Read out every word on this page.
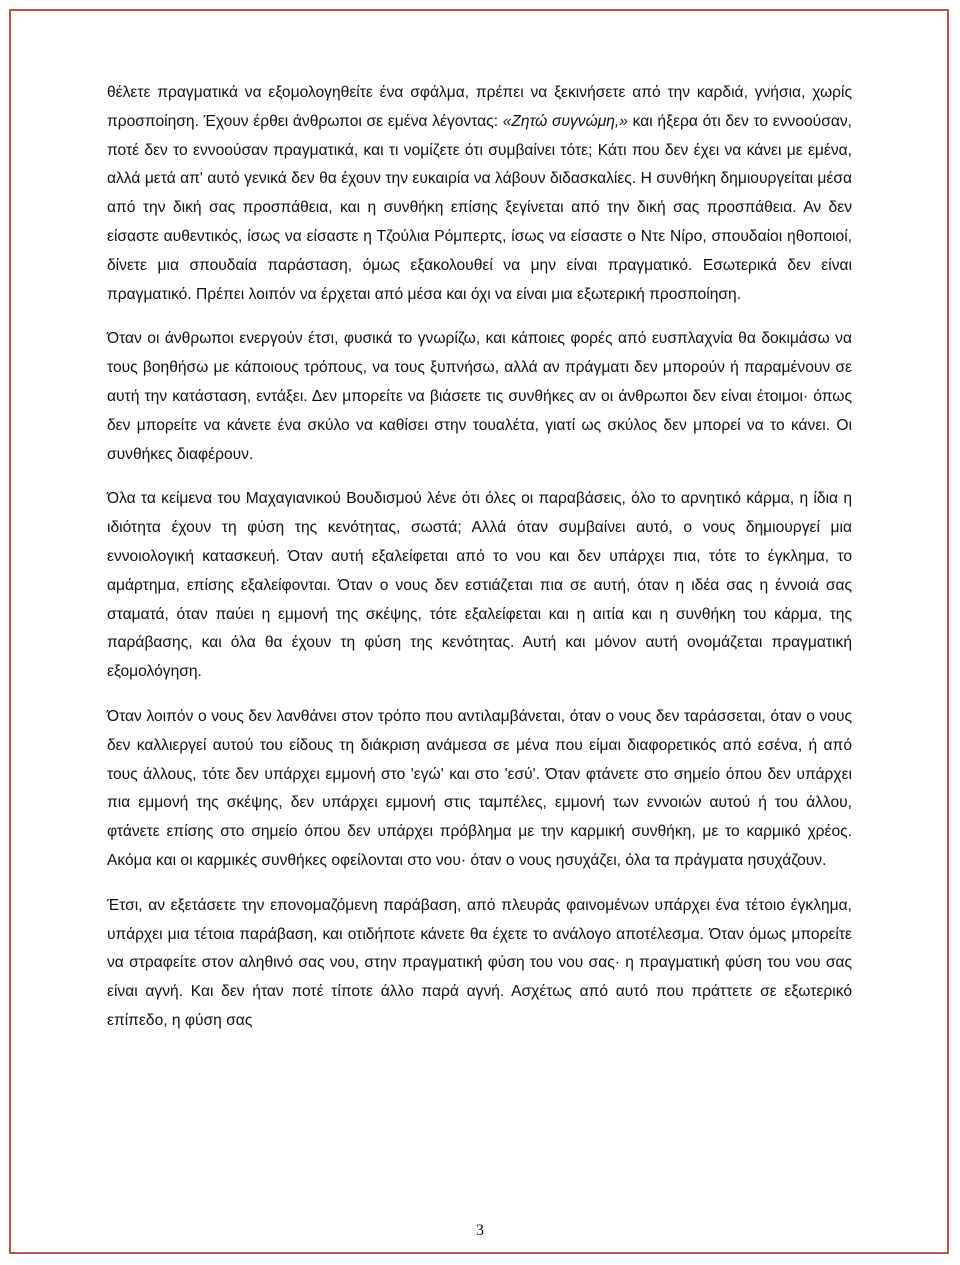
θέλετε πραγματικά να εξομολογηθείτε ένα σφάλμα, πρέπει να ξεκινήσετε από την καρδιά, γνήσια, χωρίς προσποίηση. Έχουν έρθει άνθρωποι σε εμένα λέγοντας: «Ζητώ συγνώμη,» και ήξερα ότι δεν το εννοούσαν, ποτέ δεν το εννοούσαν πραγματικά, και τι νομίζετε ότι συμβαίνει τότε; Κάτι που δεν έχει να κάνει με εμένα, αλλά μετά απ' αυτό γενικά δεν θα έχουν την ευκαιρία να λάβουν διδασκαλίες. Η συνθήκη δημιουργείται μέσα από την δική σας προσπάθεια, και η συνθήκη επίσης ξεγίνεται από την δική σας προσπάθεια. Αν δεν είσαστε αυθεντικός, ίσως να είσαστε η Τζούλια Ρόμπερτς, ίσως να είσαστε ο Ντε Νίρο, σπουδαίοι ηθοποιοί, δίνετε μια σπουδαία παράσταση, όμως εξακολουθεί να μην είναι πραγματικό. Εσωτερικά δεν είναι πραγματικό. Πρέπει λοιπόν να έρχεται από μέσα και όχι να είναι μια εξωτερική προσποίηση.

Όταν οι άνθρωποι ενεργούν έτσι, φυσικά το γνωρίζω, και κάποιες φορές από ευσπλαχνία θα δοκιμάσω να τους βοηθήσω με κάποιους τρόπους, να τους ξυπνήσω, αλλά αν πράγματι δεν μπορούν ή παραμένουν σε αυτή την κατάσταση, εντάξει. Δεν μπορείτε να βιάσετε τις συνθήκες αν οι άνθρωποι δεν είναι έτοιμοι· όπως δεν μπορείτε να κάνετε ένα σκύλο να καθίσει στην τουαλέτα, γιατί ως σκύλος δεν μπορεί να το κάνει. Οι συνθήκες διαφέρουν.

Όλα τα κείμενα του Μαχαγιανικού Βουδισμού λένε ότι όλες οι παραβάσεις, όλο το αρνητικό κάρμα, η ίδια η ιδιότητα έχουν τη φύση της κενότητας, σωστά; Αλλά όταν συμβαίνει αυτό, ο νους δημιουργεί μια εννοιολογική κατασκευή. Όταν αυτή εξαλείφεται από το νου και δεν υπάρχει πια, τότε το έγκλημα, το αμάρτημα, επίσης εξαλείφονται. Όταν ο νους δεν εστιάζεται πια σε αυτή, όταν η ιδέα σας η έννοιά σας σταματά, όταν παύει η εμμονή της σκέψης, τότε εξαλείφεται και η αιτία και η συνθήκη του κάρμα, της παράβασης, και όλα θα έχουν τη φύση της κενότητας. Αυτή και μόνον αυτή ονομάζεται πραγματική εξομολόγηση.

Όταν λοιπόν ο νους δεν λανθάνει στον τρόπο που αντιλαμβάνεται, όταν ο νους δεν ταράσσεται, όταν ο νους δεν καλλιεργεί αυτού του είδους τη διάκριση ανάμεσα σε μένα που είμαι διαφορετικός από εσένα, ή από τους άλλους, τότε δεν υπάρχει εμμονή στο 'εγώ' και στο 'εσύ'. Όταν φτάνετε στο σημείο όπου δεν υπάρχει πια εμμονή της σκέψης, δεν υπάρχει εμμονή στις ταμπέλες, εμμονή των εννοιών αυτού ή του άλλου, φτάνετε επίσης στο σημείο όπου δεν υπάρχει πρόβλημα με την καρμική συνθήκη, με το καρμικό χρέος. Ακόμα και οι καρμικές συνθήκες οφείλονται στο νου· όταν ο νους ησυχάζει, όλα τα πράγματα ησυχάζουν.

Έτσι, αν εξετάσετε την επονομαζόμενη παράβαση, από πλευράς φαινομένων υπάρχει ένα τέτοιο έγκλημα, υπάρχει μια τέτοια παράβαση, και οτιδήποτε κάνετε θα έχετε το ανάλογο αποτέλεσμα. Όταν όμως μπορείτε να στραφείτε στον αληθινό σας νου, στην πραγματική φύση του νου σας· η πραγματική φύση του νου σας είναι αγνή. Και δεν ήταν ποτέ τίποτε άλλο παρά αγνή. Ασχέτως από αυτό που πράττετε σε εξωτερικό επίπεδο, η φύση σας

3
